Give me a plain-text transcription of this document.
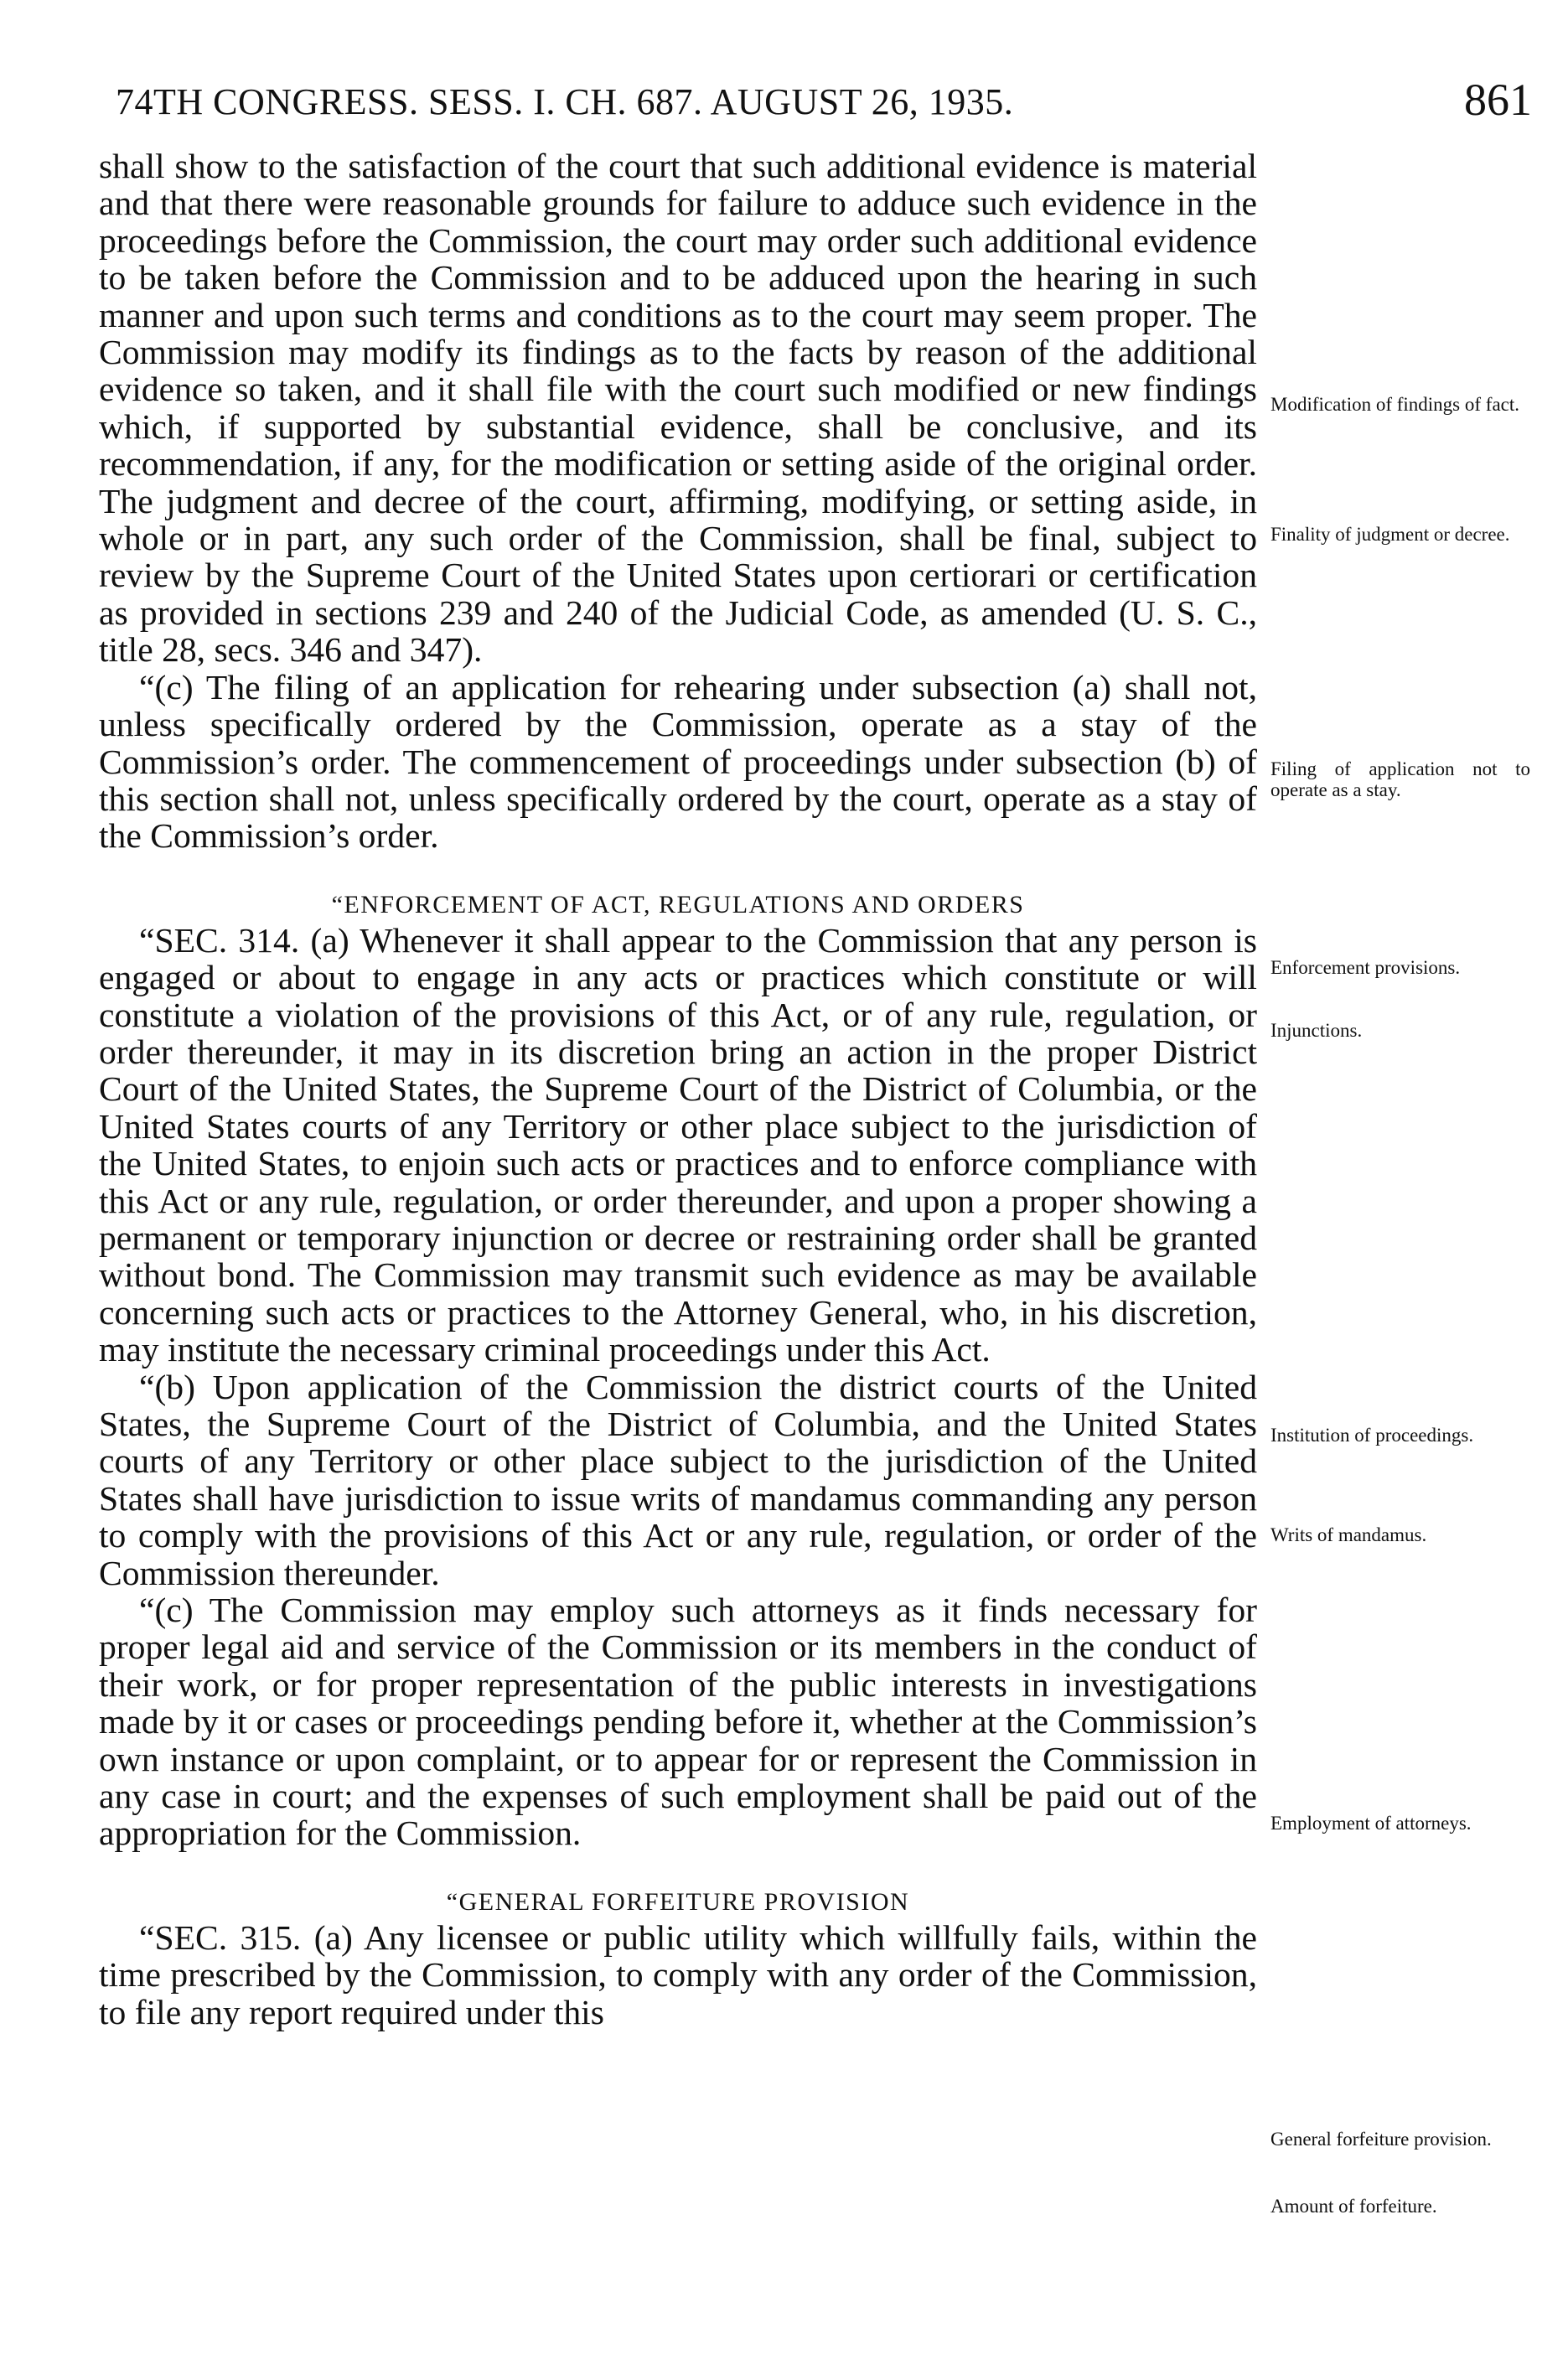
74TH CONGRESS. SESS. I. CH. 687. AUGUST 26, 1935.	861

shall show to the satisfaction of the court that such additional evidence is material and that there were reasonable grounds for failure to adduce such evidence in the proceedings before the Commission, the court may order such additional evidence to be taken before the Commission and to be adduced upon the hearing in such manner and upon such terms and conditions as to the court may seem proper. The Commission may modify its findings as to the facts by reason of the additional evidence so taken, and it shall file with the court such modified or new findings which, if supported by substantial evidence, shall be conclusive, and its recommendation, if any, for the modification or setting aside of the original order. The judgment and decree of the court, affirming, modifying, or setting aside, in whole or in part, any such order of the Commission, shall be final, subject to review by the Supreme Court of the United States upon certiorari or certification as provided in sections 239 and 240 of the Judicial Code, as amended (U. S. C., title 28, secs. 346 and 347).

“(c) The filing of an application for rehearing under subsection (a) shall not, unless specifically ordered by the Commission, operate as a stay of the Commission’s order. The commencement of proceedings under subsection (b) of this section shall not, unless specifically ordered by the court, operate as a stay of the Commission’s order.

“ENFORCEMENT OF ACT, REGULATIONS AND ORDERS

“SEC. 314. (a) Whenever it shall appear to the Commission that any person is engaged or about to engage in any acts or practices which constitute or will constitute a violation of the provisions of this Act, or of any rule, regulation, or order thereunder, it may in its discretion bring an action in the proper District Court of the United States, the Supreme Court of the District of Columbia, or the United States courts of any Territory or other place subject to the jurisdiction of the United States, to enjoin such acts or practices and to enforce compliance with this Act or any rule, regulation, or order thereunder, and upon a proper showing a permanent or temporary injunction or decree or restraining order shall be granted without bond. The Commission may transmit such evidence as may be available concerning such acts or practices to the Attorney General, who, in his discretion, may institute the necessary criminal proceedings under this Act.

“(b) Upon application of the Commission the district courts of the United States, the Supreme Court of the District of Columbia, and the United States courts of any Territory or other place subject to the jurisdiction of the United States shall have jurisdiction to issue writs of mandamus commanding any person to comply with the provisions of this Act or any rule, regulation, or order of the Commission thereunder.

“(c) The Commission may employ such attorneys as it finds necessary for proper legal aid and service of the Commission or its members in the conduct of their work, or for proper representation of the public interests in investigations made by it or cases or proceedings pending before it, whether at the Commission’s own instance or upon complaint, or to appear for or represent the Commission in any case in court; and the expenses of such employment shall be paid out of the appropriation for the Commission.

“GENERAL FORFEITURE PROVISION

“SEC. 315. (a) Any licensee or public utility which willfully fails, within the time prescribed by the Commission, to comply with any order of the Commission, to file any report required under this

Modification of findings of fact.
Finality of judgment or decree.
Filing of application not to operate as a stay.
Enforcement provisions.
Injunctions.
Institution of proceedings.
Writs of mandamus.
Employment of attorneys.
General forfeiture provision.
Amount of forfeiture.
